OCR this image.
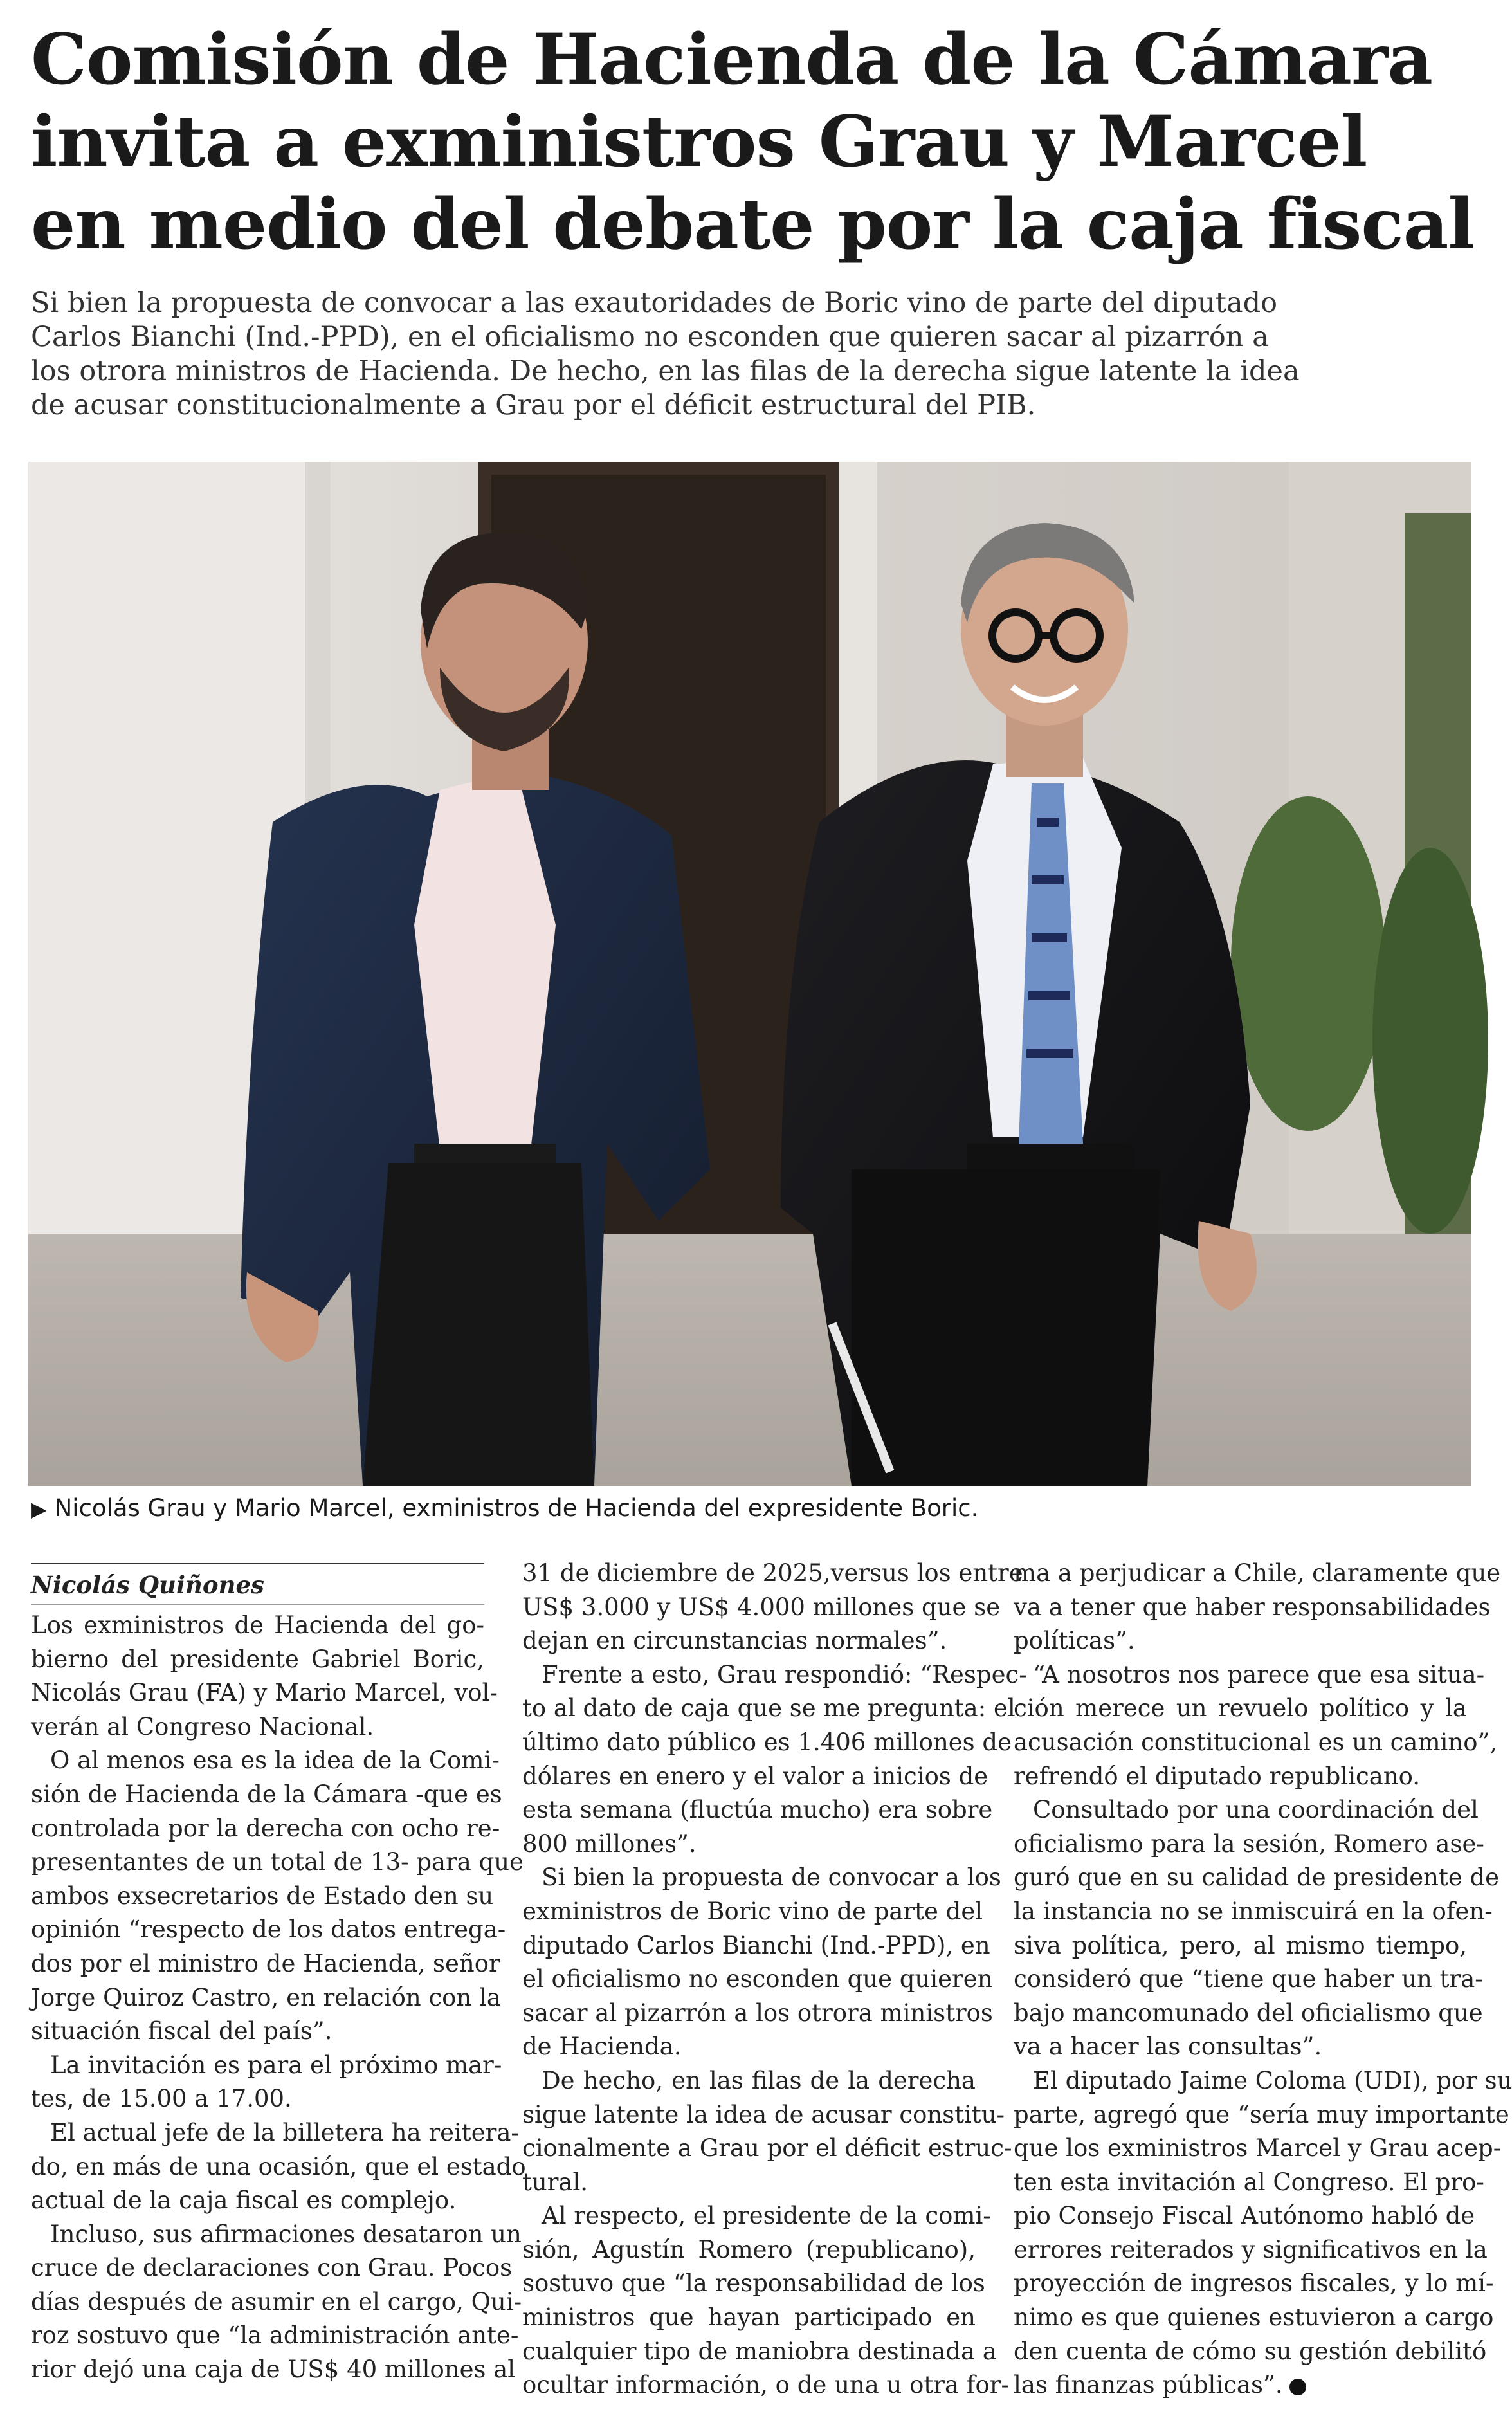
Comisión de Hacienda de la Cámara
invita a exministros Grau y Marcel
en medio del debate por la caja fiscal
Si bien la propuesta de convocar a las exautoridades de Boric vino de parte del diputado
Carlos Bianchi (Ind.-PPD), en el oficialismo no esconden que quieren sacar al pizarrón a
los otrora ministros de Hacienda. De hecho, en las filas de la derecha sigue latente la idea
de acusar constitucionalmente a Grau por el déficit estructural del PIB.
▶ Nicolás Grau y Mario Marcel, exministros de Hacienda del expresidente Boric.
Nicolás Quiñones
Los exministros de Hacienda del go-
bierno del presidente Gabriel Boric,
Nicolás Grau (FA) y Mario Marcel, vol-
verán al Congreso Nacional.
O al menos esa es la idea de la Comi-
sión de Hacienda de la Cámara -que es
controlada por la derecha con ocho re-
presentantes de un total de 13- para que
ambos exsecretarios de Estado den su
opinión “respecto de los datos entrega-
dos por el ministro de Hacienda, señor
Jorge Quiroz Castro, en relación con la
situación fiscal del país”.
La invitación es para el próximo mar-
tes, de 15.00 a 17.00.
El actual jefe de la billetera ha reitera-
do, en más de una ocasión, que el estado
actual de la caja fiscal es complejo.
Incluso, sus afirmaciones desataron un
cruce de declaraciones con Grau. Pocos
días después de asumir en el cargo, Qui-
roz sostuvo que “la administración ante-
rior dejó una caja de US$ 40 millones al
31 de diciembre de 2025,versus los entre
US$ 3.000 y US$ 4.000 millones que se
dejan en circunstancias normales”.
Frente a esto, Grau respondió: “Respec-
to al dato de caja que se me pregunta: el
último dato público es 1.406 millones de
dólares en enero y el valor a inicios de
esta semana (fluctúa mucho) era sobre
800 millones”.
Si bien la propuesta de convocar a los
exministros de Boric vino de parte del
diputado Carlos Bianchi (Ind.-PPD), en
el oficialismo no esconden que quieren
sacar al pizarrón a los otrora ministros
de Hacienda.
De hecho, en las filas de la derecha
sigue latente la idea de acusar constitu-
cionalmente a Grau por el déficit estruc-
tural.
Al respecto, el presidente de la comi-
sión, Agustín Romero (republicano),
sostuvo que “la responsabilidad de los
ministros que hayan participado en
cualquier tipo de maniobra destinada a
ocultar información, o de una u otra for-
ma a perjudicar a Chile, claramente que
va a tener que haber responsabilidades
políticas”.
“A nosotros nos parece que esa situa-
ción merece un revuelo político y la
acusación constitucional es un camino”,
refrendó el diputado republicano.
Consultado por una coordinación del
oficialismo para la sesión, Romero ase-
guró que en su calidad de presidente de
la instancia no se inmiscuirá en la ofen-
siva política, pero, al mismo tiempo,
consideró que “tiene que haber un tra-
bajo mancomunado del oficialismo que
va a hacer las consultas”.
El diputado Jaime Coloma (UDI), por su
parte, agregó que “sería muy importante
que los exministros Marcel y Grau acep-
ten esta invitación al Congreso. El pro-
pio Consejo Fiscal Autónomo habló de
errores reiterados y significativos en la
proyección de ingresos fiscales, y lo mí-
nimo es que quienes estuvieron a cargo
den cuenta de cómo su gestión debilitó
las finanzas públicas”.
